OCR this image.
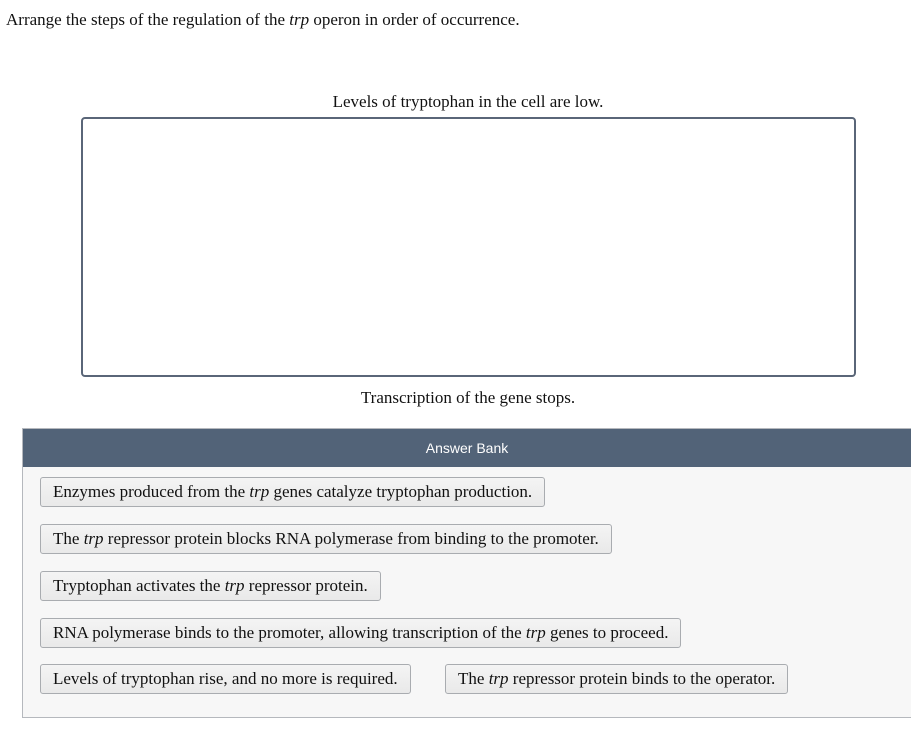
Arrange the steps of the regulation of the trp operon in order of occurrence.
Levels of tryptophan in the cell are low.
Transcription of the gene stops.
Answer Bank
Enzymes produced from the trp genes catalyze tryptophan production.
The trp repressor protein blocks RNA polymerase from binding to the promoter.
Tryptophan activates the trp repressor protein.
RNA polymerase binds to the promoter, allowing transcription of the trp genes to proceed.
Levels of tryptophan rise, and no more is required.	The trp repressor protein binds to the operator.
